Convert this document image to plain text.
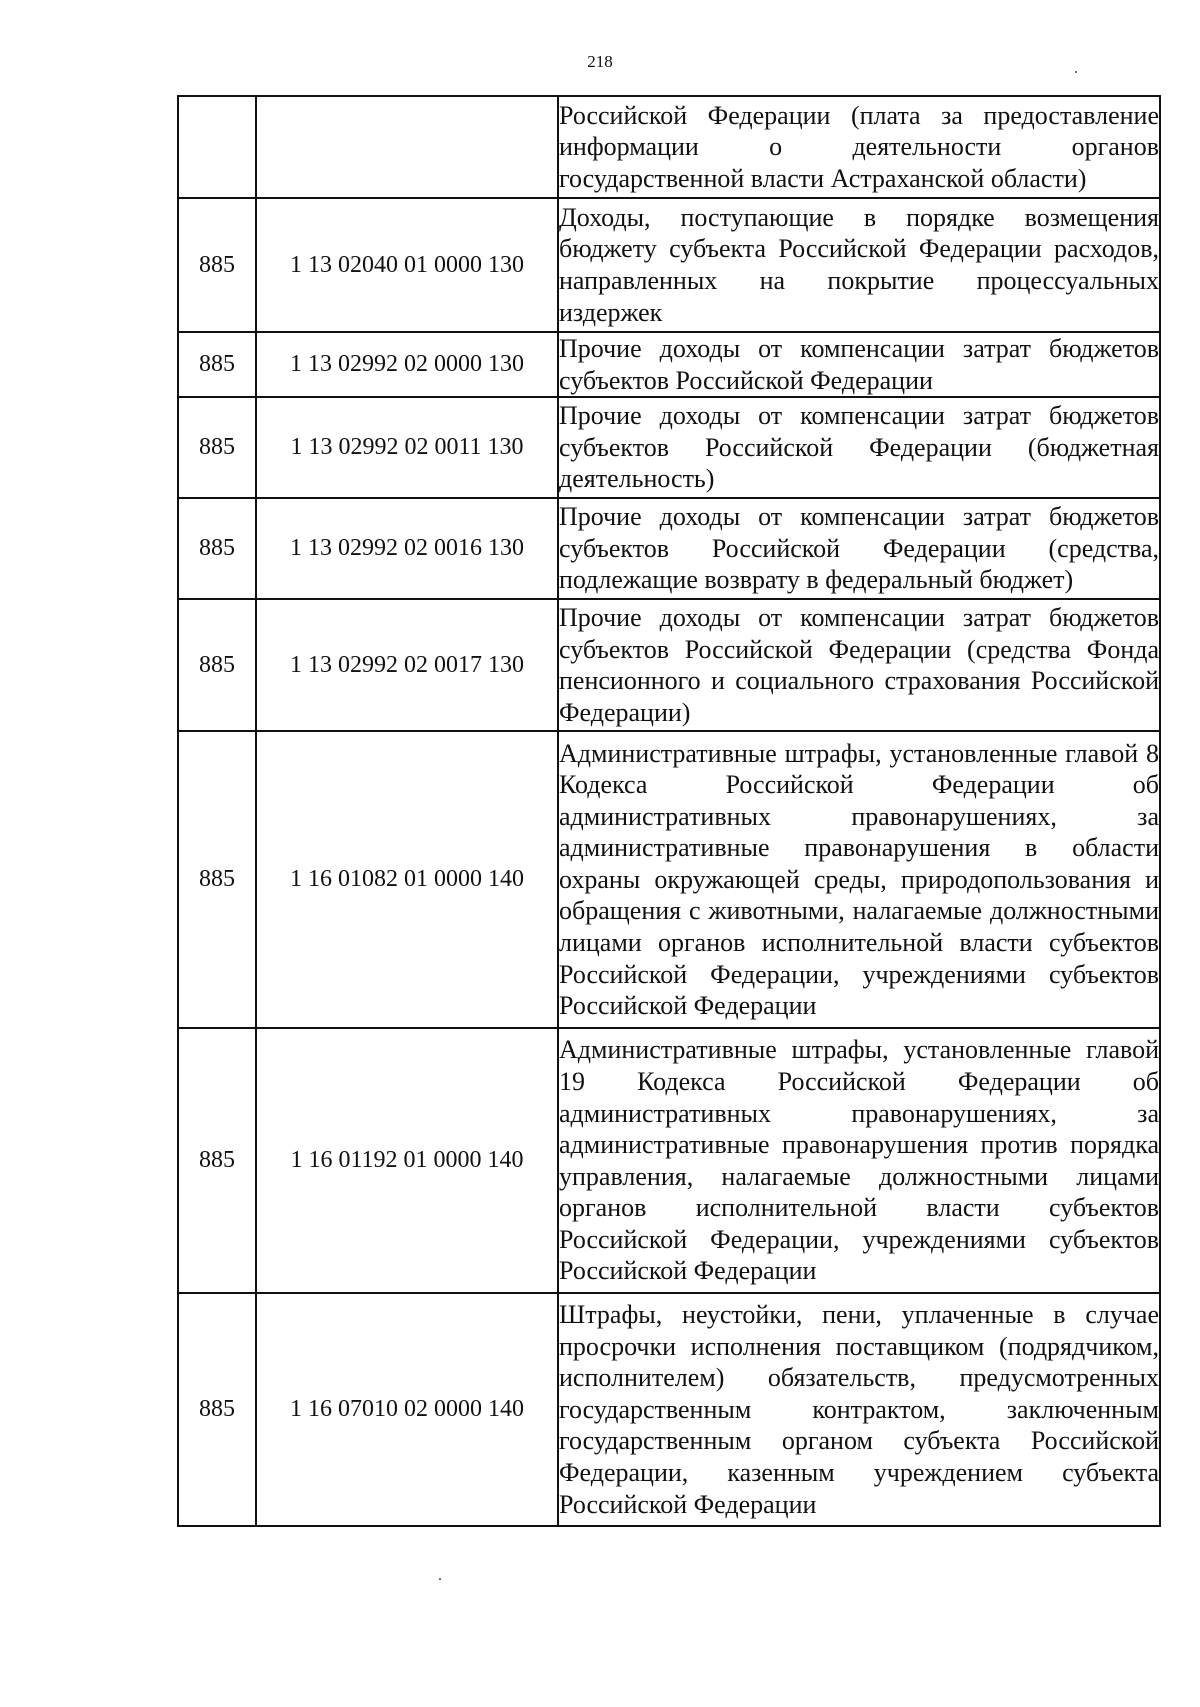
218
		Российской Федерации (плата за предоставление информации о деятельности органов государственной власти Астраханской области)
885	1 13 02040 01 0000 130	Доходы, поступающие в порядке возмещения бюджету субъекта Российской Федерации расходов, направленных на покрытие процессуальных издержек
885	1 13 02992 02 0000 130	Прочие доходы от компенсации затрат бюджетов субъектов Российской Федерации
885	1 13 02992 02 0011 130	Прочие доходы от компенсации затрат бюджетов субъектов Российской Федерации (бюджетная деятельность)
885	1 13 02992 02 0016 130	Прочие доходы от компенсации затрат бюджетов субъектов Российской Федерации (средства, подлежащие возврату в федеральный бюджет)
885	1 13 02992 02 0017 130	Прочие доходы от компенсации затрат бюджетов субъектов Российской Федерации (средства Фонда пенсионного и социального страхования Российской Федерации)
885	1 16 01082 01 0000 140	Административные штрафы, установленные главой 8 Кодекса Российской Федерации об административных правонарушениях, за административные правонарушения в области охраны окружающей среды, природопользования и обращения с животными, налагаемые должностными лицами органов исполнительной власти субъектов Российской Федерации, учреждениями субъектов Российской Федерации
885	1 16 01192 01 0000 140	Административные штрафы, установленные главой 19 Кодекса Российской Федерации об административных правонарушениях, за административные правонарушения против порядка управления, налагаемые должностными лицами органов исполнительной власти субъектов Российской Федерации, учреждениями субъектов Российской Федерации
885	1 16 07010 02 0000 140	Штрафы, неустойки, пени, уплаченные в случае просрочки исполнения поставщиком (подрядчиком, исполнителем) обязательств, предусмотренных государственным контрактом, заключенным государственным органом субъекта Российской Федерации, казенным учреждением субъекта Российской Федерации
